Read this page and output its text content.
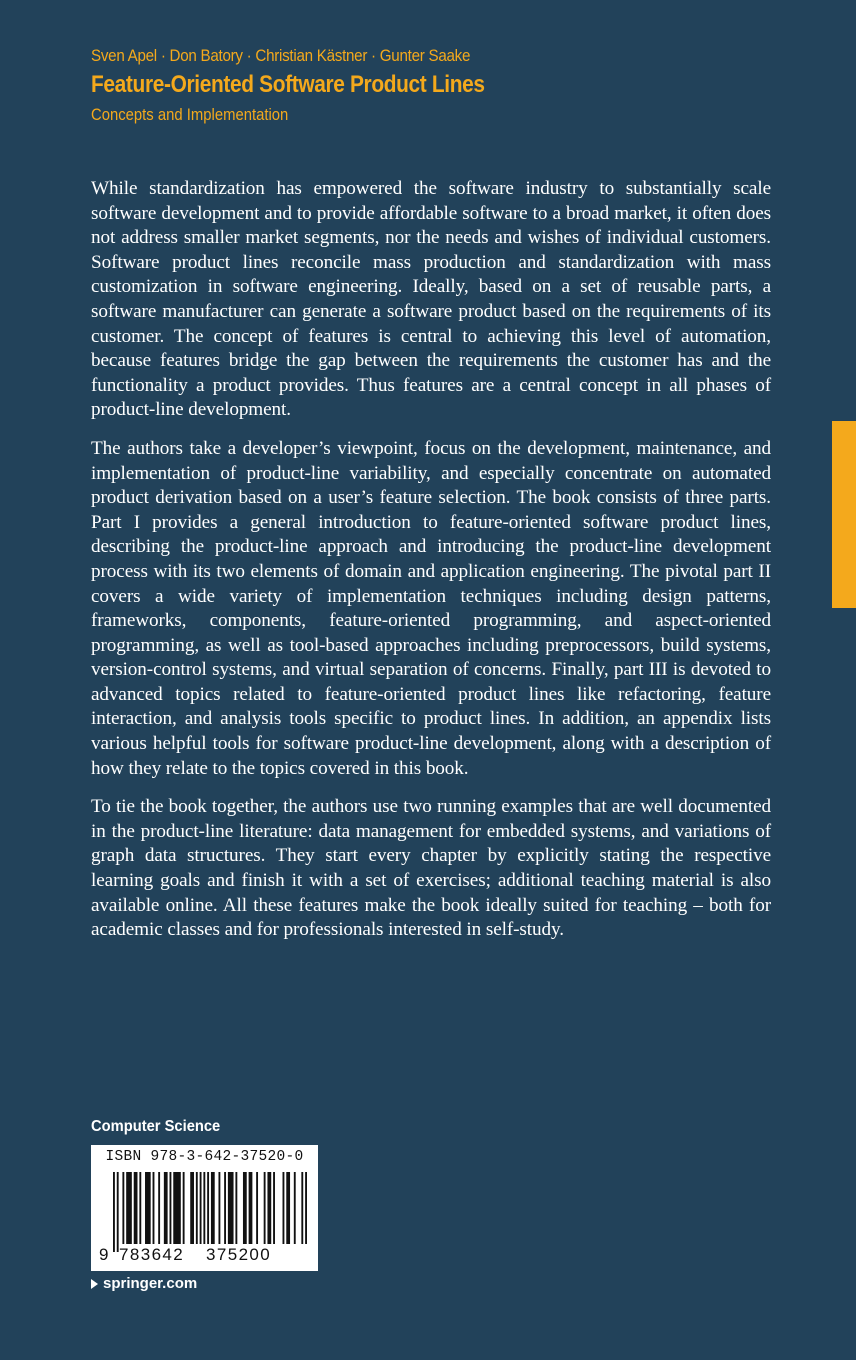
Sven Apel · Don Batory · Christian Kästner · Gunter Saake
Feature-Oriented Software Product Lines
Concepts and Implementation

While standardization has empowered the software industry to substantially scale software development and to provide affordable software to a broad market, it often does not address smaller market segments, nor the needs and wishes of individual customers. Software product lines reconcile mass production and standardization with mass customization in software engineering. Ideally, based on a set of reusable parts, a software manufacturer can generate a software product based on the requirements of its customer. The concept of features is central to achieving this level of automation, because features bridge the gap between the requirements the customer has and the functionality a product provides. Thus features are a central concept in all phases of product-line development.

The authors take a developer’s viewpoint, focus on the development, maintenance, and implementation of product-line variability, and especially concentrate on automated product derivation based on a user’s feature selection. The book consists of three parts. Part I provides a general introduction to feature-oriented software product lines, describing the product-line approach and introducing the product-line development process with its two elements of domain and application engineering. The pivotal part II covers a wide variety of implementation techniques including design patterns, frameworks, components, feature-oriented programming, and aspect-oriented programming, as well as tool-based approaches including preprocessors, build systems, version-control systems, and virtual separation of concerns. Finally, part III is devoted to advanced topics related to feature-oriented product lines like refactoring, feature interaction, and analysis tools specific to product lines. In addition, an appendix lists various helpful tools for software product-line development, along with a description of how they relate to the topics covered in this book.

To tie the book together, the authors use two running examples that are well documented in the product-line literature: data management for embedded systems, and variations of graph data structures. They start every chapter by explicitly stating the respective learning goals and finish it with a set of exercises; additional teaching material is also available online. All these features make the book ideally suited for teaching – both for academic classes and for professionals interested in self-study.

Computer Science
ISBN 978-3-642-37520-0
9 783642 375200
springer.com
